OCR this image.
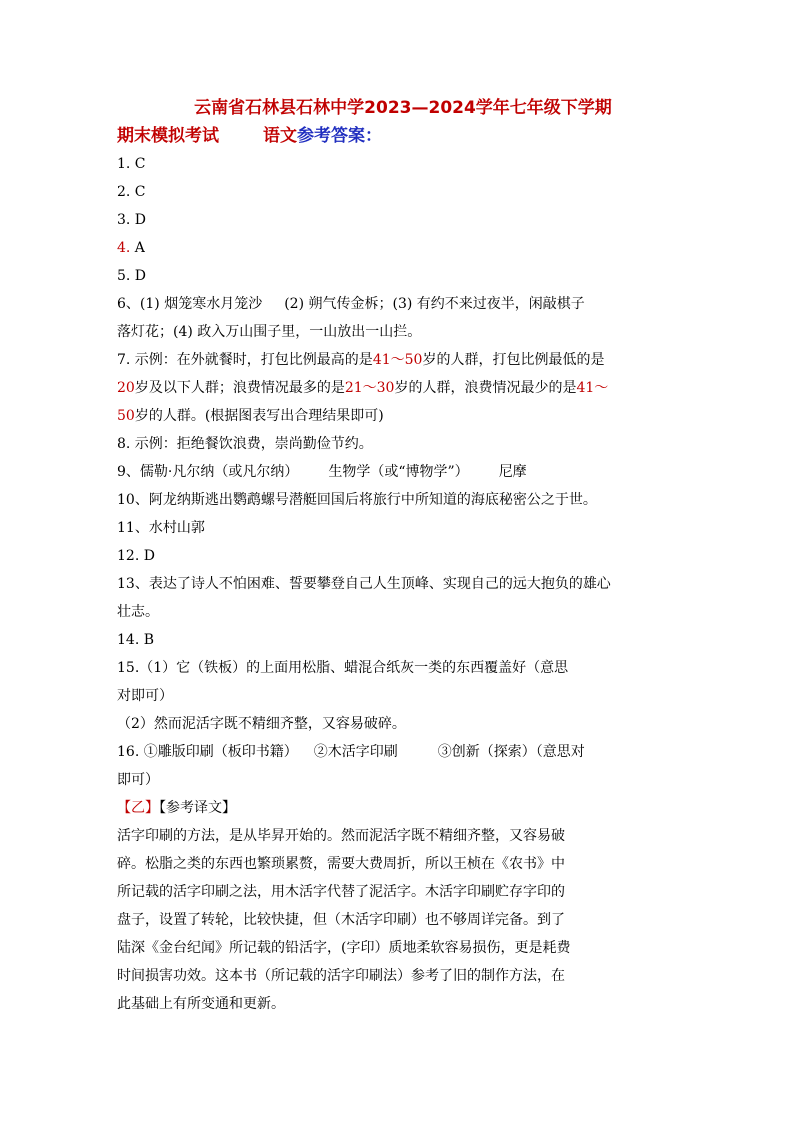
云南省石林县石林中学2023—2024学年七年级下学期
期末模拟考试	语文参考答案：
1. C
2. C
3. D
4. A
5. D
6、(1) 烟笼寒水月笼沙 (2) 朔气传金柝；(3) 有约不来过夜半，闲敲棋子
落灯花；(4) 政入万山围子里，一山放出一山拦。
7. 示例：在外就餐时，打包比例最高的是41～50岁的人群，打包比例最低的是
20岁及以下人群；浪费情况最多的是21～30岁的人群，浪费情况最少的是41～
50岁的人群。(根据图表写出合理结果即可)
8. 示例：拒绝餐饮浪费，崇尚勤俭节约。
9、儒勒·凡尔纳（或凡尔纳） 生物学（或“博物学”） 尼摩
10、阿龙纳斯逃出鹦鹉螺号潜艇回国后将旅行中所知道的海底秘密公之于世。
11、水村山郭
12. D
13、表达了诗人不怕困难、誓要攀登自己人生顶峰、实现自己的远大抱负的雄心
壮志。
14. B
15.（1）它（铁板）的上面用松脂、蜡混合纸灰一类的东西覆盖好（意思
对即可）
（2）然而泥活字既不精细齐整，又容易破碎。
16. ①雕版印刷（板印书籍） ②木活字印刷	③创新（探索）（意思对
即可）
【乙】【参考译文】
活字印刷的方法，是从毕昇开始的。然而泥活字既不精细齐整，又容易破
碎。松脂之类的东西也繁琐累赘，需要大费周折，所以王桢在《农书》中
所记载的活字印刷之法，用木活字代替了泥活字。木活字印刷贮存字印的
盘子，设置了转轮，比较快捷，但（木活字印刷）也不够周详完备。到了
陆深《金台纪闻》所记载的铅活字，(字印）质地柔软容易损伤，更是耗费
时间损害功效。这本书（所记载的活字印刷法）参考了旧的制作方法，在
此基础上有所变通和更新。
